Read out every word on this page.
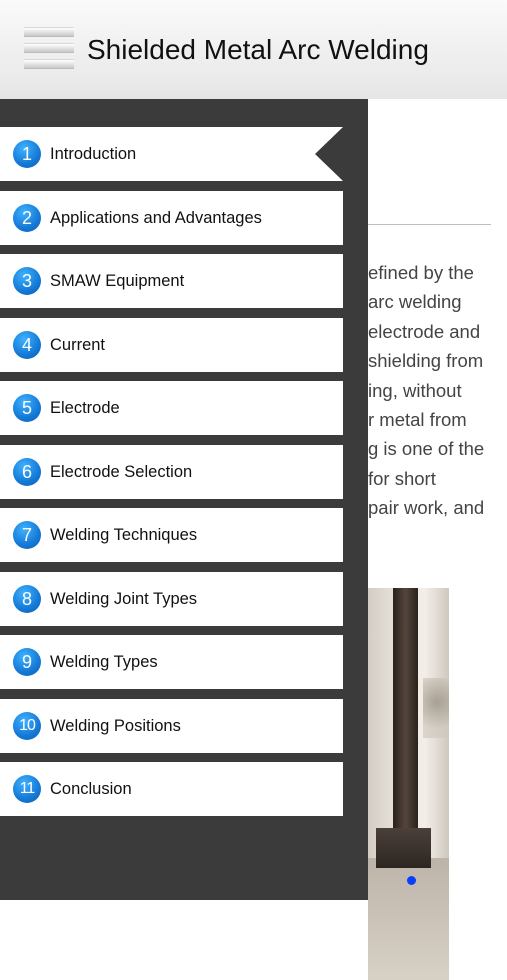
Shielded Metal Arc Welding
efined by the
arc welding
electrode and
shielding from
ing, without
r metal from
g is one of the
for short
pair work, and
1	Introduction
2	Applications and Advantages
3	SMAW Equipment
4	Current
5	Electrode
6	Electrode Selection
7	Welding Techniques
8	Welding Joint Types
9	Welding Types
10 Welding Positions
11 Conclusion
